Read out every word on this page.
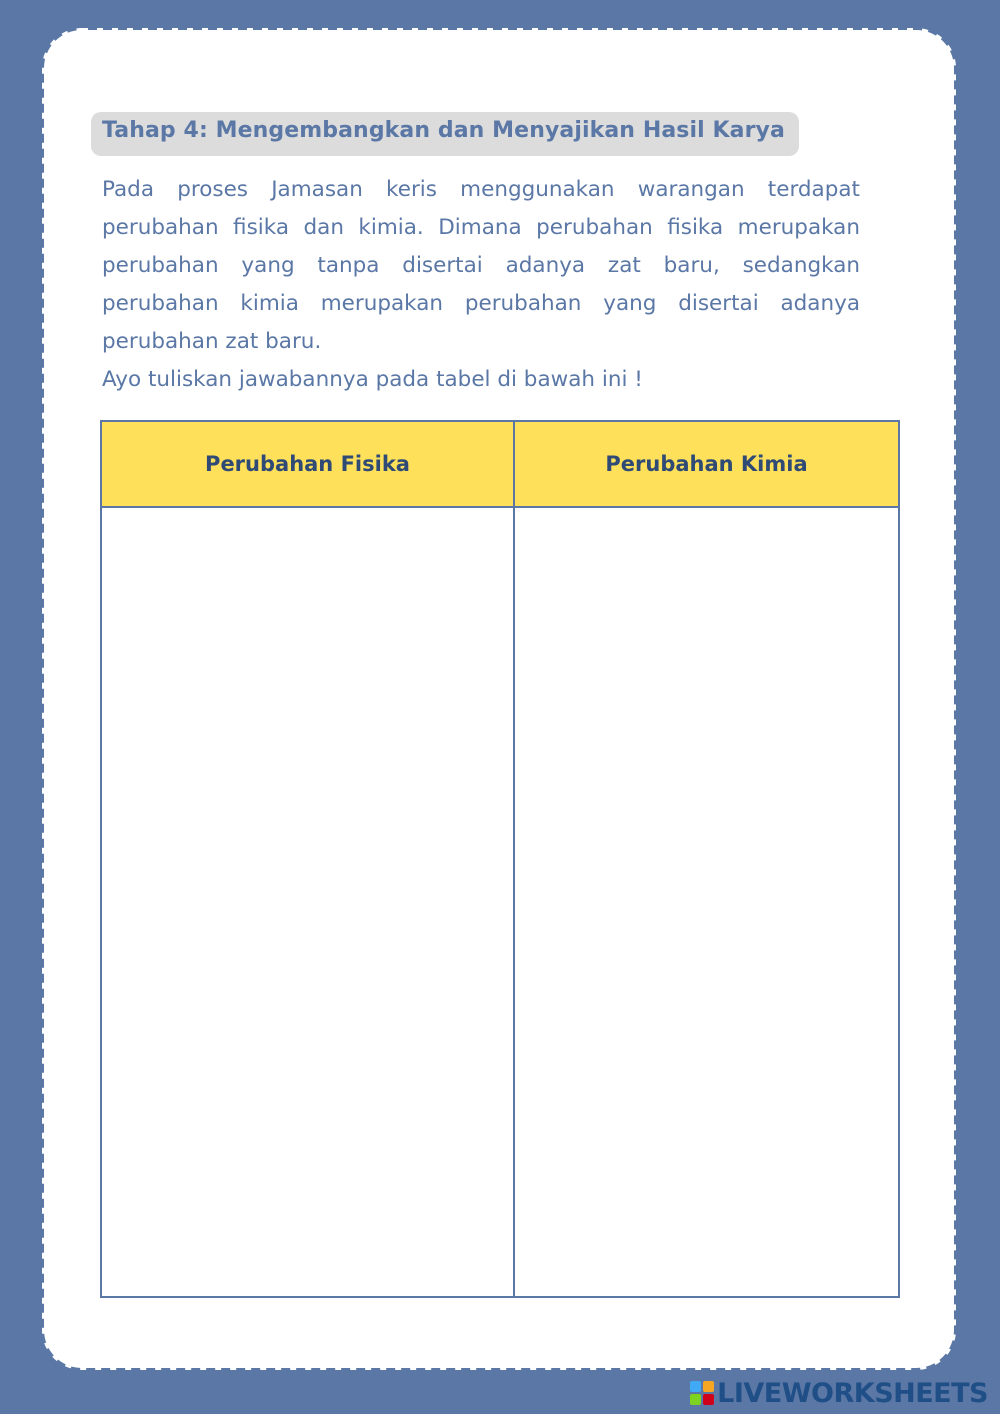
Tahap 4: Mengembangkan dan Menyajikan Hasil Karya
Pada proses Jamasan keris menggunakan warangan terdapat perubahan fisika dan kimia. Dimana perubahan fisika merupakan perubahan yang tanpa disertai adanya zat baru, sedangkan perubahan kimia merupakan perubahan yang disertai adanya perubahan zat baru.
Ayo tuliskan jawabannya pada tabel di bawah ini !
Perubahan Fisika	Perubahan Kimia

LIVEWORKSHEETS
